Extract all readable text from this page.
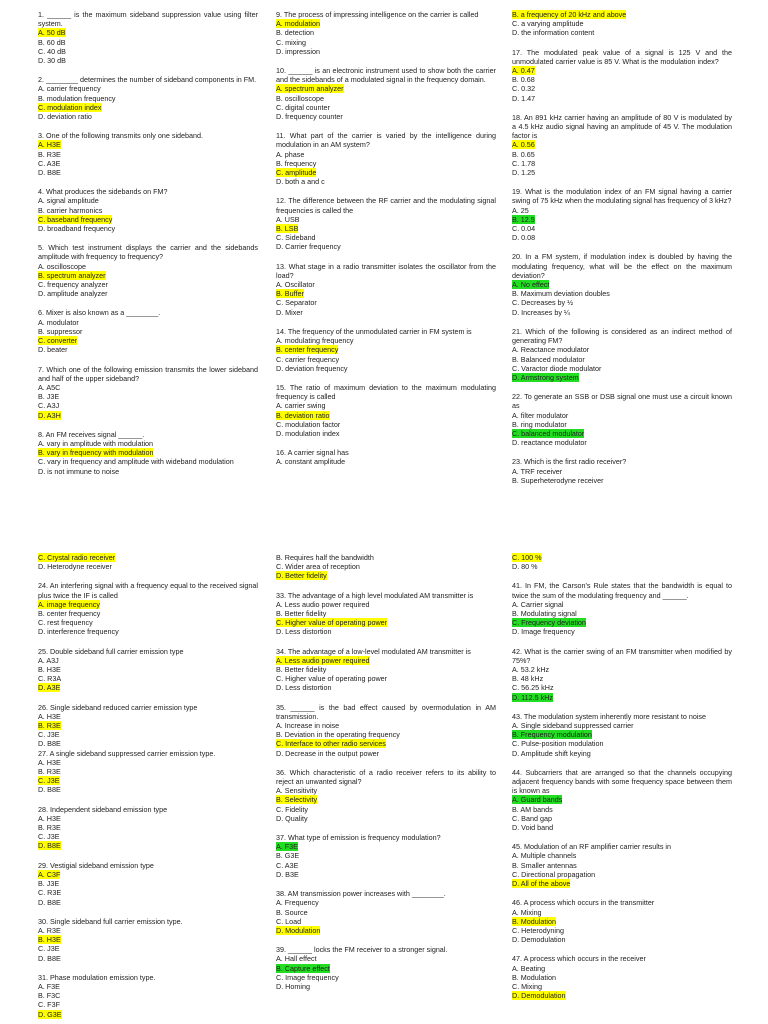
1. ______ is the maximum sideband suppression value using filter system.
A. 50 dB
B. 60 dB
C. 40 dB
D. 30 dB
2. ________ determines the number of sideband components in FM.
A. carrier frequency
B. modulation frequency
C. modulation index
D. deviation ratio
3. One of the following transmits only one sideband.
A. H3E
B. R3E
C. A3E
D. B8E
4. What produces the sidebands on FM?
A. signal amplitude
B. carrier harmonics
C. baseband frequency
D. broadband frequency
5. Which test instrument displays the carrier and the sidebands amplitude with frequency to frequency?
A. oscilloscope
B. spectrum analyzer
C. frequency analyzer
D. amplitude analyzer
6. Mixer is also known as a ________.
A. modulator
B. suppressor
C. converter
D. beater
7. Which one of the following emission transmits the lower sideband and half of the upper sideband?
A. A5C
B. J3E
C. A3J
D. A3H
8. An FM receives signal ______.
A. vary in amplitude with modulation
B. vary in frequency with modulation
C. vary in frequency and amplitude with wideband modulation
D. is not immune to noise
9. The process of impressing intelligence on the carrier is called
A. modulation
B. detection
C. mixing
D. impression
10. ______ is an electronic instrument used to show both the carrier and the sidebands of a modulated signal in the frequency domain.
A. spectrum analyzer
B. oscilloscope
C. digital counter
D. frequency counter
11. What part of the carrier is varied by the intelligence during modulation in an AM system?
A. phase
B. frequency
C. amplitude
D. both a and c
12. The difference between the RF carrier and the modulating signal frequencies is called the
A. USB
B. LSB
C. Sideband
D. Carrier frequency
13. What stage in a radio transmitter isolates the oscillator from the load?
A. Oscillator
B. Buffer
C. Separator
D. Mixer
14. The frequency of the unmodulated carrier in FM system is
A. modulating frequency
B. center frequency
C. carrier frequency
D. deviation frequency
15. The ratio of maximum deviation to the maximum modulating frequency is called
A. carrier swing
B. deviation ratio
C. modulation factor
D. modulation index
16. A carrier signal has
A. constant amplitude
B. a frequency of 20 kHz and above
C. a varying amplitude
D. the information content
17. The modulated peak value of a signal is 125 V and the unmodulated carrier value is 85 V. What is the modulation index?
A. 0.47
B. 0.68
C. 0.32
D. 1.47
18. An 891 kHz carrier having an amplitude of 80 V is modulated by a 4.5 kHz audio signal having an amplitude of 45 V. The modulation factor is
A. 0.56
B. 0.65
C. 1.78
D. 1.25
19. What is the modulation index of an FM signal having a carrier swing of 75 kHz when the modulating signal has frequency of 3 kHz?
A. 25
B. 12.5
C. 0.04
D. 0.08
20. In a FM system, if modulation index is doubled by having the modulating frequency, what will be the effect on the maximum deviation?
A. No effect
B. Maximum deviation doubles
C. Decreases by ½
D. Increases by ¼
21. Which of the following is considered as an indirect method of generating FM?
A. Reactance modulator
B. Balanced modulator
C. Varactor diode modulator
D. Armstrong system
22. To generate an SSB or DSB signal one must use a circuit known as
A. filter modulator
B. ring modulator
C. balanced modulator
D. reactance modulator
23. Which is the first radio receiver?
A. TRF receiver
B. Superheterodyne receiver
C. Crystal radio receiver
D. Heterodyne receiver
24. An interfering signal with a frequency equal to the received signal plus twice the IF is called
A. image frequency
B. center frequency
C. rest frequency
D. interference frequency
25. Double sideband full carrier emission type
A. A3J
B. H3E
C. R3A
D. A3E
26. Single sideband reduced carrier emission type
A. H3E
B. R3E
C. J3E
D. B8E
27. A single sideband suppressed carrier emission type.
A. H3E
B. R3E
C. J3E
D. B8E
28. Independent sideband emission type
A. H3E
B. R3E
C. J3E
D. B8E
29. Vestigial sideband emission type
A. C3F
B. J3E
C. R3E
D. B8E
30. Single sideband full carrier emission type.
A. R3E
B. H3E
C. J3E
D. B8E
31. Phase modulation emission type.
A. F3E
B. F3C
C. F3F
D. G3E
B. Requires half the bandwidth
C. Wider area of reception
D. Better fidelity
33. The advantage of a high level modulated AM transmitter is
A. Less audio power required
B. Better fidelity
C. Higher value of operating power
D. Less distortion
34. The advantage of a low-level modulated AM transmitter is
A. Less audio power required
B. Better fidelity
C. Higher value of operating power
D. Less distortion
35. ______ is the bad effect caused by overmodulation in AM transmission.
A. Increase in noise
B. Deviation in the operating frequency
C. Interface to other radio services
D. Decrease in the output power
36. Which characteristic of a radio receiver refers to its ability to reject an unwanted signal?
A. Sensitivity
B. Selectivity
C. Fidelity
D. Quality
37. What type of emission is frequency modulation?
A. F3E
B. G3E
C. A3E
D. B3E
38. AM transmission power increases with ________.
A. Frequency
B. Source
C. Load
D. Modulation
39. ______ locks the FM receiver to a stronger signal.
A. Hall effect
B. Capture effect
C. Image frequency
D. Homing
C. 100 %
D. 80 %
41. In FM, the Carson's Rule states that the bandwidth is equal to twice the sum of the modulating frequency and ______.
A. Carrier signal
B. Modulating signal
C. Frequency deviation
D. Image frequency
42. What is the carrier swing of an FM transmitter when modified by 75%?
A. 53.2 kHz
B. 48 kHz
C. 56.25 kHz
D. 112.5 kHz
43. The modulation system inherently more resistant to noise
A. Single sideband suppressed carrier
B. Frequency modulation
C. Pulse-position modulation
D. Amplitude shift keying
44. Subcarriers that are arranged so that the channels occupying adjacent frequency bands with some frequency space between them is known as
A. Guard bands
B. AM bands
C. Band gap
D. Void band
45. Modulation of an RF amplifier carrier results in
A. Multiple channels
B. Smaller antennas
C. Directional propagation
D. All of the above
46. A process which occurs in the transmitter
A. Mixing
B. Modulation
C. Heterodyning
D. Demodulation
47. A process which occurs in the receiver
A. Beating
B. Modulation
C. Mixing
D. Demodulation
